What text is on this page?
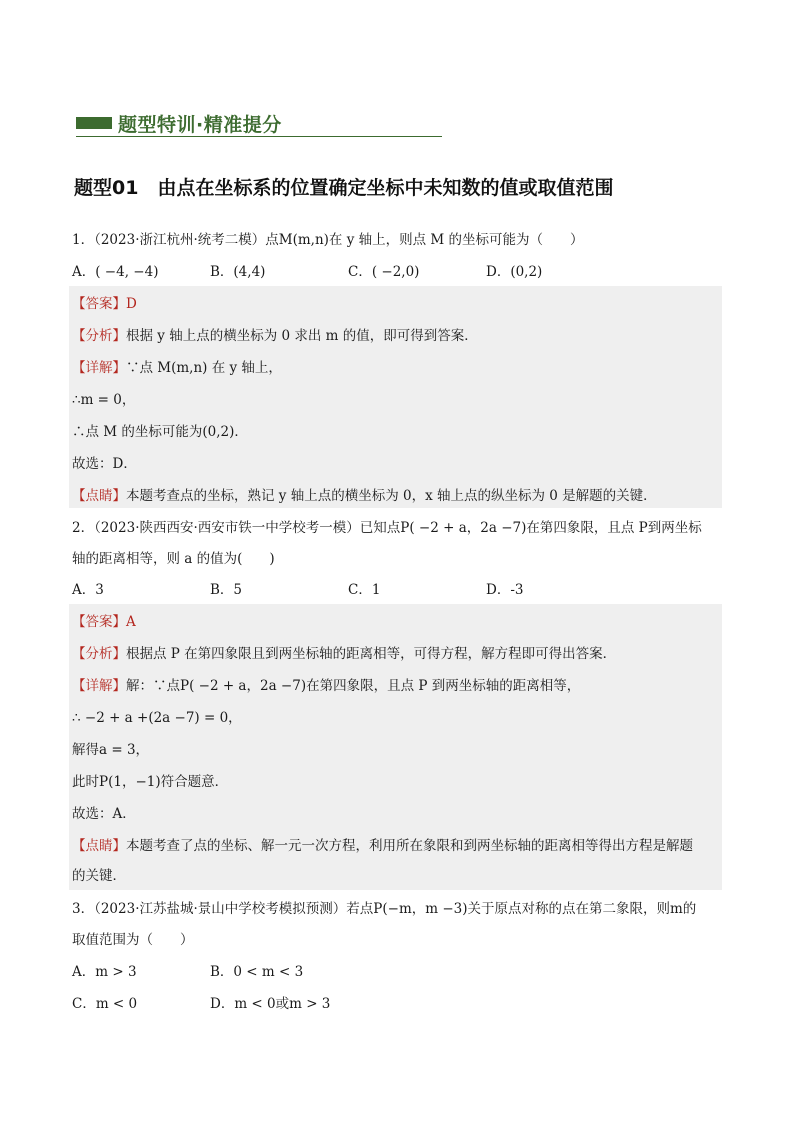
题型特训·精准提分
题型01　由点在坐标系的位置确定坐标中未知数的值或取值范围
1．（2023·浙江杭州·统考二模）点M(m,n)在 y 轴上，则点 M 的坐标可能为（　　）
A．( −4, −4)	B．(4,4)	C．( −2,0)	D．(0,2)
【答案】D
【分析】根据 y 轴上点的横坐标为 0 求出 m 的值，即可得到答案．
【详解】∵点 M(m,n) 在 y 轴上，
∴m = 0，
∴点 M 的坐标可能为(0,2)．
故选：D．
【点睛】本题考查点的坐标，熟记 y 轴上点的横坐标为 0，x 轴上点的纵坐标为 0 是解题的关键．
2．（2023·陕西西安·西安市铁一中学校考一模）已知点P( −2 + a，2a −7)在第四象限，且点 P到两坐标
轴的距离相等，则 a 的值为(　　)
A．3	B．5	C．1	D．-3
【答案】A
【分析】根据点 P 在第四象限且到两坐标轴的距离相等，可得方程，解方程即可得出答案．
【详解】解：∵点P( −2 + a，2a −7)在第四象限，且点 P 到两坐标轴的距离相等，
∴ −2 + a +(2a −7) = 0，
解得a = 3，
此时P(1，−1)符合题意．
故选：A．
【点睛】本题考查了点的坐标、解一元一次方程，利用所在象限和到两坐标轴的距离相等得出方程是解题
的关键．
3．（2023·江苏盐城·景山中学校考模拟预测）若点P(−m，m −3)关于原点对称的点在第二象限，则m的
取值范围为（　　）
A．m > 3	B．0 < m < 3
C．m < 0	D．m < 0或m > 3
